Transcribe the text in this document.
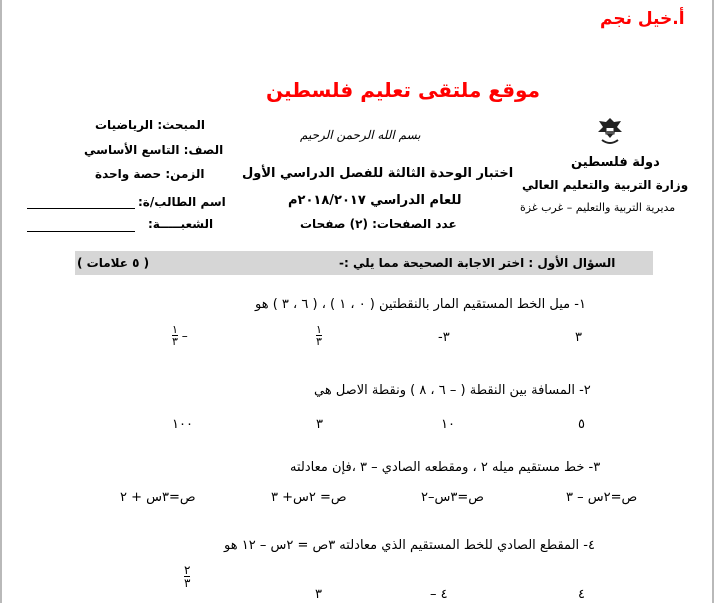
أ.خيل نجم
موقع ملتقى تعليم فلسطين
بسم الله الرحمن الرحيم
دولة فلسطين
وزارة التربية والتعليم العالي
مديرية التربية والتعليم – غرب غزة
اختبار الوحدة الثالثة للفصل الدراسي الأول
للعام الدراسي ٢٠١٨/٢٠١٧م
عدد الصفحات: (٢) صفحات
المبحث: الرياضيات
الصف: التاسع الأساسي
الزمن: حصة واحدة
اسم الطالب/ة:
الشعبـــــة:
السؤال الأول : اختر الاجابة الصحيحة مما يلي :-
( ٥ علامات )
١- ميل الخط المستقيم المار بالنقطتين ( ٠ ، ١ ) ، ( ٦ ، ٣ ) هو
٣
-٣
$\frac{١}{٣}$
$\frac{١}{٣}$ –
٢- المسافة بين النقطة ( – ٦ ، ٨ ) ونقطة الاصل هي
٥
١٠
٣
١٠٠
٣- خط مستقيم ميله ٢ ، ومقطعه الصادي – ٣ ،فإن معادلته
ص=٢س – ٣
ص=٣س–٢
ص= ٢س+ ٣
ص=٣س + ٢
٤- المقطع الصادي للخط المستقيم الذي معادلته ٣ص = ٢س – ١٢ هو
٤
– ٤
٣
$\frac{٢}{٣}$
